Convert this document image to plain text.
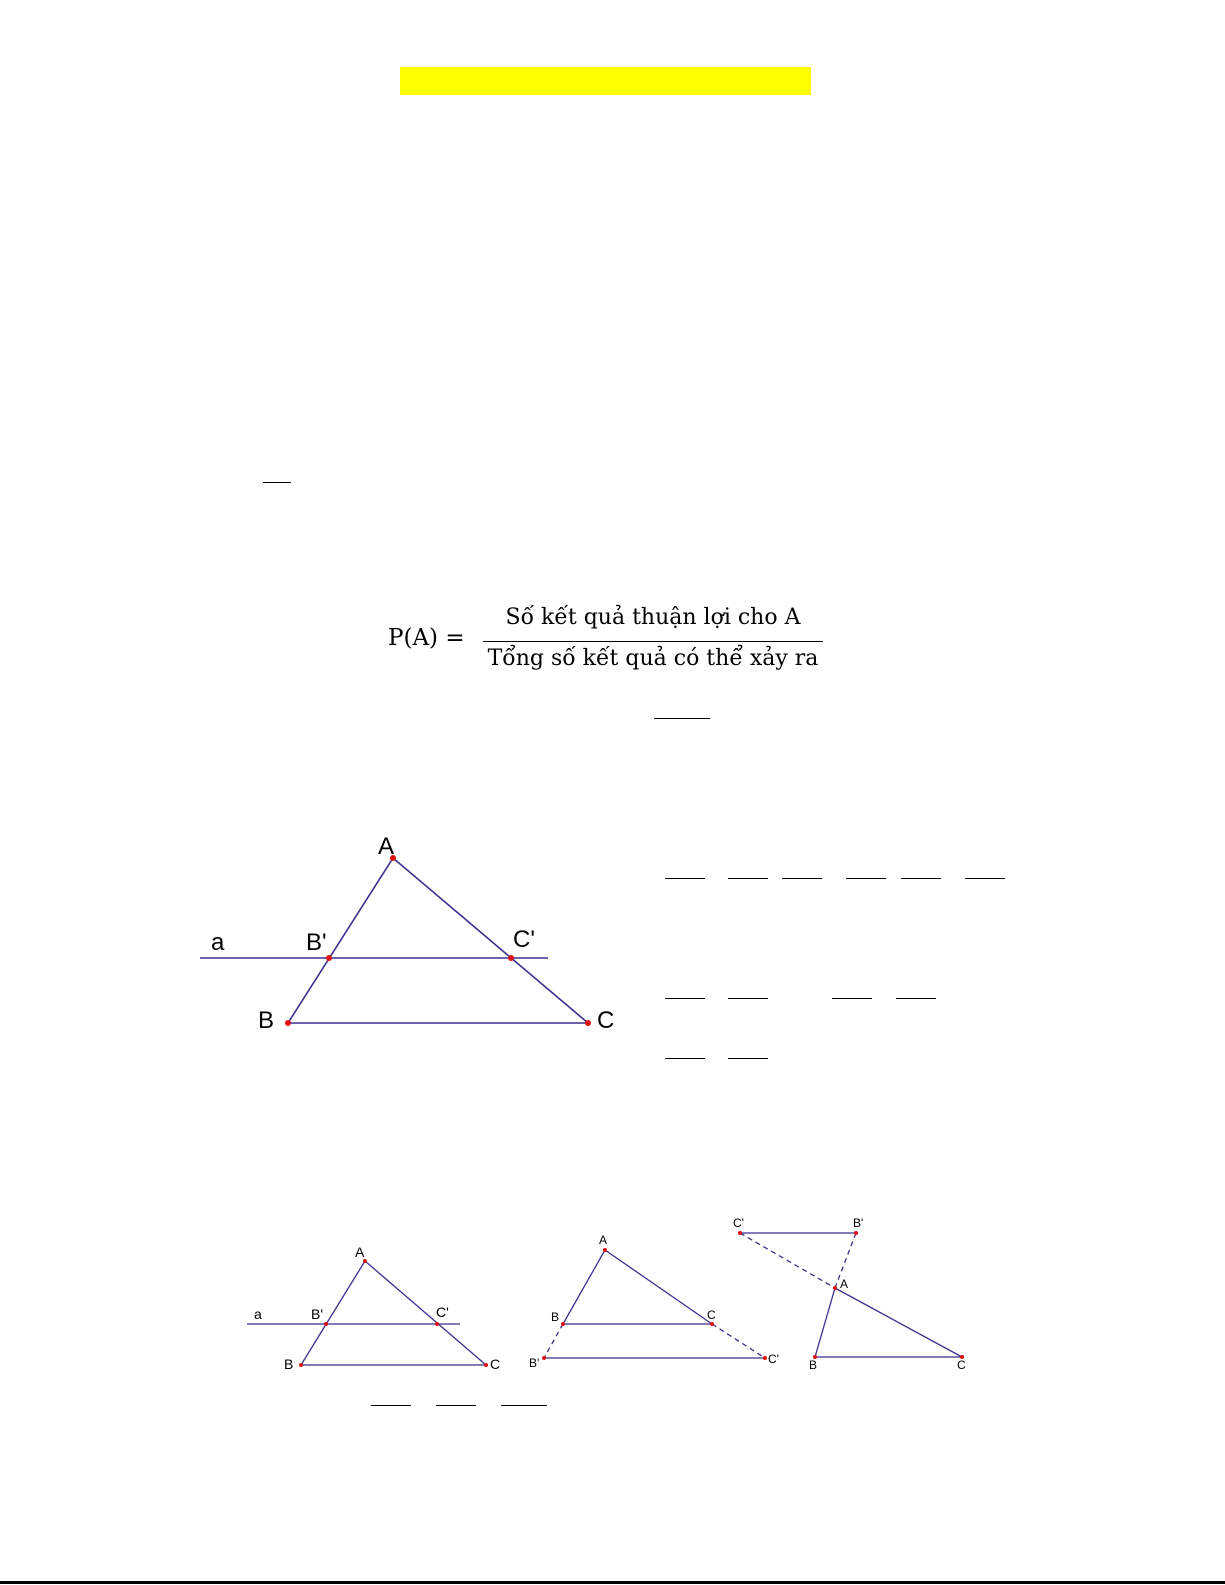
P(A) =
Số kết quả thuận lợi cho A
Tổng số kết quả có thể xảy ra
A
B	C
B'	C'
a
A
B	C
B'	C'
a
A
B	C
B'	C'
A
B	C
B'
C'
